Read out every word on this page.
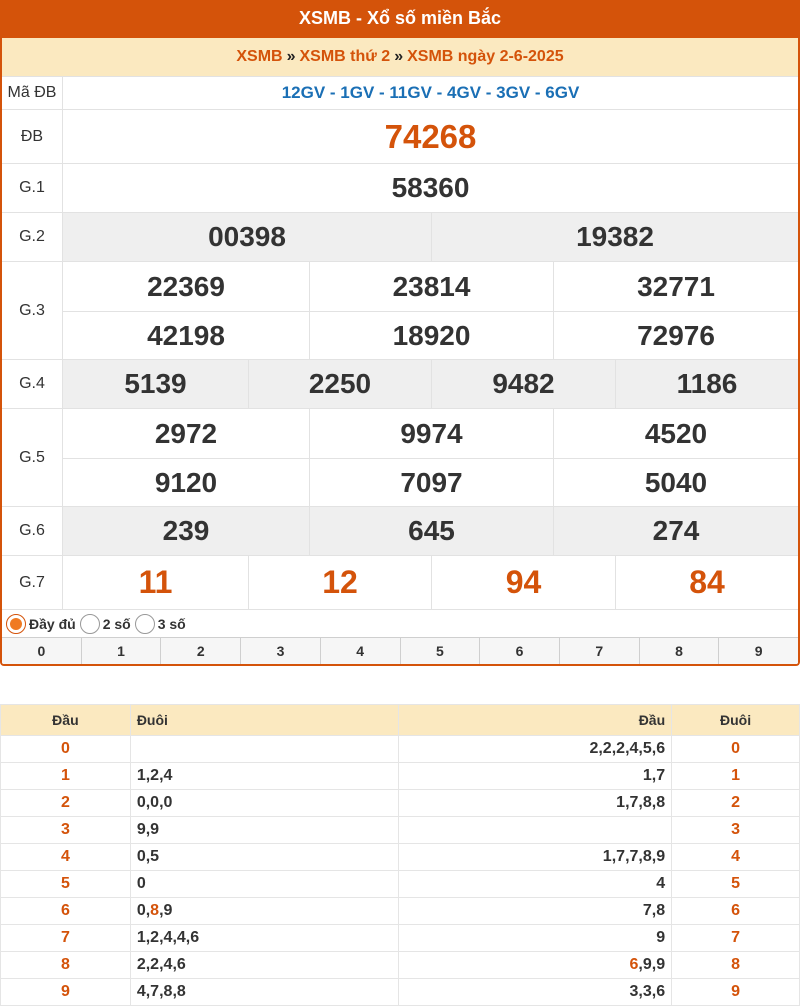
XSMB - Xổ số miền Bắc
XSMB » XSMB thứ 2 » XSMB ngày 2-6-2025
Mã ĐB	12GV - 1GV - 11GV - 4GV - 3GV - 6GV
ĐB	74268
G.1	58360
G.2	00398	19382
G.3
22369	23814	32771
42198	18920	72976
G.4	5139	2250	9482	1186
G.5
2972	9974	4520
9120	7097	5040
G.6	239	645	274
G.7	11	12	94	84
Đầy đủ 2 số 3 số
0	1	2	3	4	5	6	7	8	9
Đầu	Đuôi	Đầu	Đuôi
0		2,2,2,4,5,6	0
1	1,2,4	1,7	1
2	0,0,0	1,7,8,8	2
3	9,9		3
4	0,5	1,7,7,8,9	4
5	0	4	5
6	0,8,9	7,8	6
7	1,2,4,4,6	9	7
8	2,2,4,6	6,9,9	8
9	4,7,8,8	3,3,6	9
